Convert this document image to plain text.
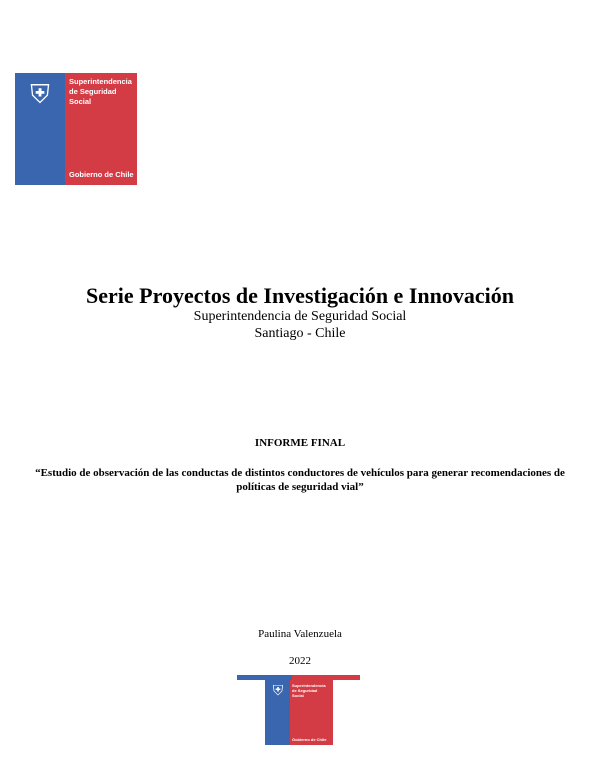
⛨	Superintendencia
de Seguridad
Social
Gobierno de Chile
Serie Proyectos de Investigación e Innovación
Superintendencia de Seguridad Social
Santiago - Chile
INFORME FINAL
“Estudio de observación de las conductas de distintos conductores de vehículos para generar recomendaciones de políticas de seguridad vial”
Paulina Valenzuela
2022
⛨	Superintendencia
de Seguridad
Social
Gobierno de Chile
